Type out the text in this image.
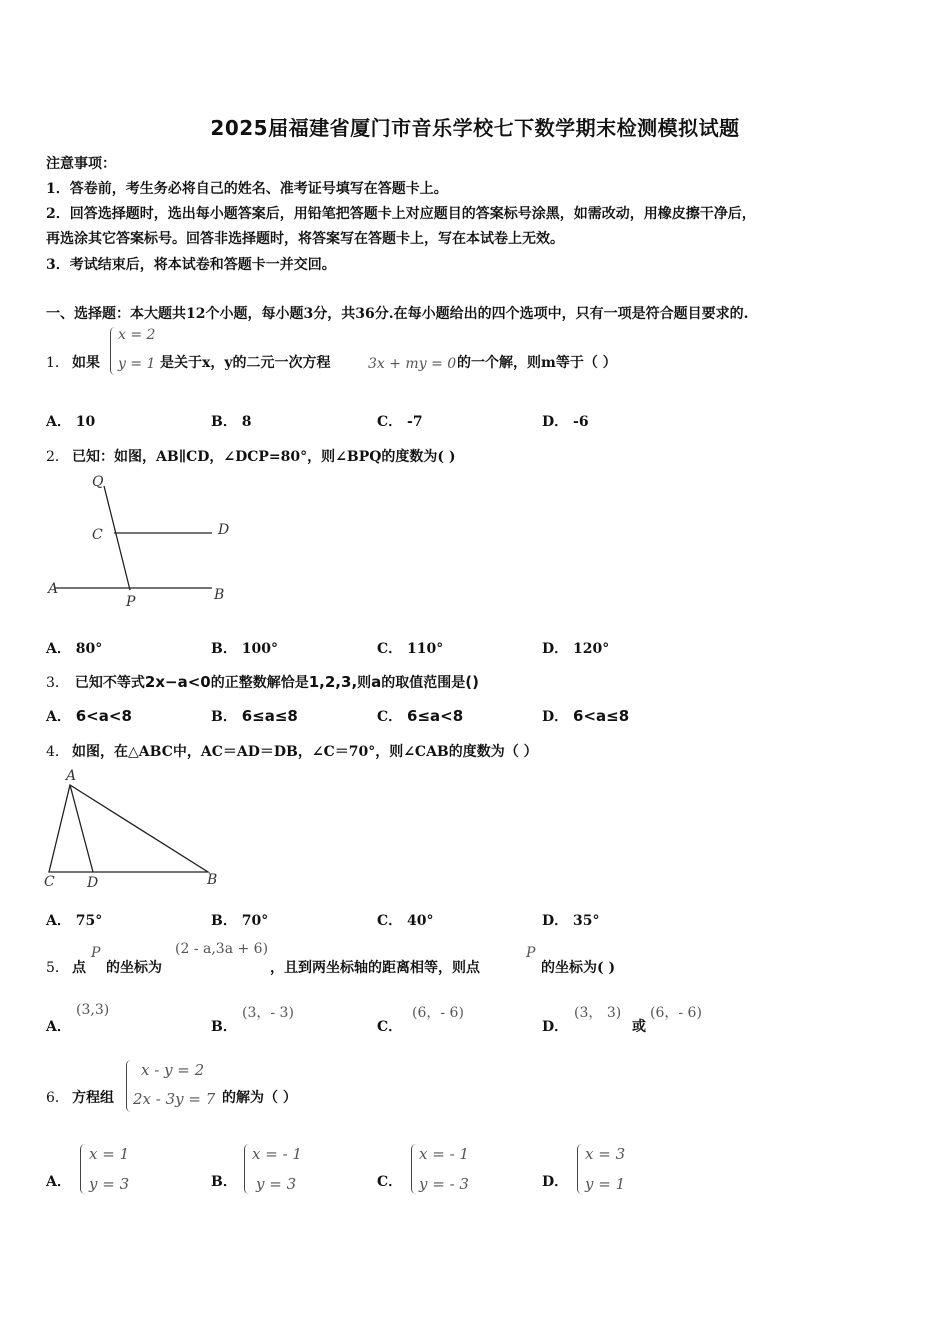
2025届福建省厦门市音乐学校七下数学期末检测模拟试题
注意事项：
1．答卷前，考生务必将自己的姓名、准考证号填写在答题卡上。
2．回答选择题时，选出每小题答案后，用铅笔把答题卡上对应题目的答案标号涂黑，如需改动，用橡皮擦干净后，
再选涂其它答案标号。回答非选择题时，将答案写在答题卡上，写在本试卷上无效。
3．考试结束后，将本试卷和答题卡一并交回。
一、选择题：本大题共12个小题，每小题3分，共36分.在每小题给出的四个选项中，只有一项是符合题目要求的.
1． 如果
x = 2
y = 1 是关于x，y的二元一次方程	3x + my = 0 的一个解，则m等于（ ）
A． 10	B． 8	C． -7	D． -6
2． 已知：如图，AB∥CD，∠DCP=80°，则∠BPQ的度数为( )
Q
C	D
A
P	B
A． 80°	B． 100°	C． 110°	D． 120°
3． 已知不等式2x−a<0的正整数解恰是1,2,3,则a的取值范围是()
A． 6<a<8	B． 6≤a≤8	C． 6≤a<8	D． 6<a≤8
4． 如图，在△ABC中，AC＝AD＝DB，∠C＝70°，则∠CAB的度数为（ ）
A
C D	B
A． 75°	B． 70°	C． 40°	D． 35°
5． 点
P
的坐标为
(2 - a,3a + 6)
，且到两坐标轴的距离相等，则点
P
的坐标为( )
A．
(3,3)
B．
(3，- 3)
C．
(6，- 6)
D．
(3， 3)
或
(6，- 6)
6． 方程组
x - y = 2
2x - 3y = 7 的解为（ ）
A．
x = 1
y = 3	B．
x = - 1
y = 3	C．
x = - 1
y = - 3	D．
x = 3
y = 1
